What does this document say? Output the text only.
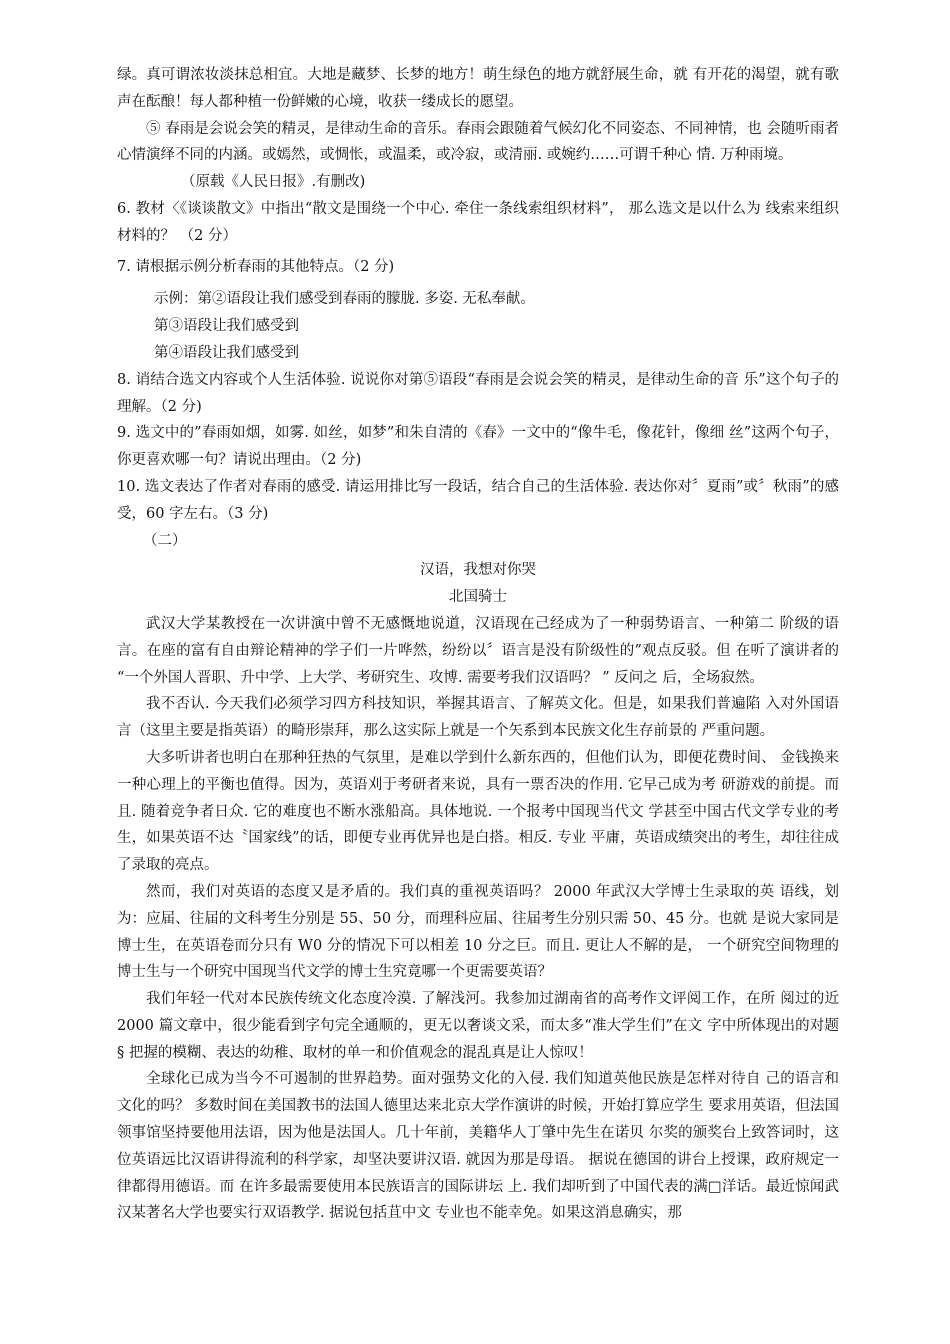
绿。真可谓浓妆淡抹总相宜。大地是藏梦、长梦的地方！萌生绿色的地方就舒展生命，就 有开花的渴望，就有歌声在酝酿！每人都种植一份鲜嫩的心境，收获一缕成长的愿望。

⑤ 春雨是会说会笑的精灵，是律动生命的音乐。春雨会跟随着气候幻化不同姿态、不同神情，也 会随听雨者心情演绎不同的内涵。或嫣然，或惆怅，或温柔，或冷寂，或清丽. 或婉约……可谓千种心 情. 万种雨境。

（原载《人民日报》.有删改)

6. 教材〈《谈谈散文》中指出“散文是围绕一个中心. 牵住一条线索组织材料”， 那么选文是以什么为 线索来组织材料的？ （2 分）

7. 请根据示例分析春雨的其他特点。（2 分)

示例：第②语段让我们感受到春雨的朦胧. 多姿. 无私奉献。

第③语段让我们感受到

第④语段让我们感受到

8. 诮结合选文内容或个人生活体验. 说说你对第⑤语段“春雨是会说会笑的精灵，是律动生命的音 乐”这个句子的理解。（2 分)

9. 选文中的”春雨如烟，如雾. 如丝，如梦”和朱自清的《春》一文中的“像牛毛，像花针，像细 丝”这两个句子，你更喜欢哪一句？请说出理由。（2 分)

10. 选文表达了作者对春雨的感受. 请运用排比写一段话，结合自己的生活体验. 表达你对〞夏雨”或〞秋雨”的感受，60 字左右。（3 分)

（二）

汉语，我想对你哭

北国骑士

武汉大学某教授在一次讲演中曾不无感慨地说道，汉语现在己经成为了一种弱势语言、一种第二 阶级的语言。在座的富有自由辩论精神的学子们一片哗然，纷纷以〞语言是没有阶级性的”观点反驳。但 在听了演讲者的 “一个外国人晋职、升中学、上大学、考研究生、攻博. 需要考我们汉语吗？ ” 反问之 后，全场寂然。

我不否认. 今天我们必须学习四方科技知识，举握其语言、了解英文化。但是，如果我们普遍陷 入对外国语言（这里主要是指英语）的畸形崇拜，那么这实际上就是一个矢系到本民族文化生存前景的 严重问题。

大多听讲者也明白在那种狂热的气氛里，是难以学到什么新东西的，但他们认为，即便花费时间、 金钱换来一种心理上的平衡也值得。因为，英语刈于考研者来说，具有一票否决的作用. 它早己成为考 研游戏的前提。而且. 随着竞争者日众. 它的难度也不断水涨船高。具体地说. 一个报考中国现当代文 学甚至中国古代文学专业的考生，如果英语不达〝国家线”的话，即便专业再优异也是白搭。相反. 专业 平庸，英语成绩突出的考生，却往往成了录取的亮点。

然而，我们对英语的态度又是矛盾的。我们真的重视英语吗？ 2000 年武汉大学博士生录取的英 语线，划为：应届、往届的文科考生分别是 55、50 分，而理科应届、往届考生分别只需 50、45 分。也就 是说大家同是博士生，在英语卷而分只有 W0 分的情况下可以相差 10 分之巨。而且. 更让人不解的是， 一个研究空间物理的博士生与一个研究中国现当代文学的博士生究竟哪一个更需要英语？

我们年轻一代对本民族传统文化态度冷漠. 了解浅河。我参加过湖南省的高考作文评阅工作，在所 阅过的近 2000 篇文章中，很少能看到字句完全通顺的，更无以奢谈文采，而太多“准大学生们”在文 字中所体现出的对题 § 把握的模糊、表达的幼稚、取材的单一和价值观念的混乱真是让人惊叹！

全球化已成为当今不可遏制的世界趋势。面对强势文化的入侵. 我们知道英他民族是怎样对待自 己的语言和文化的吗？ 多数时间在美国教书的法国人德里达来北京大学作演讲的时候，开始打算应学生 要求用英语，但法国领事馆坚持要他用法语，因为他是法国人。几十年前，美籍华人丁肇中先生在诺贝 尔奖的颁奖台上致答词时，这位英语远比汉语讲得流利的科学家，却坚决要讲汉语. 就因为那是母语。 据说在德国的讲台上授课，政府规定一律都得用德语。而 在许多最需要使用本民族语言的国际讲坛 上. 我们却听到了中国代表的满□洋话。最近惊闻武汉某著名大学也要实行双语教学. 据说包括苴中文 专业也不能幸免。如果这消息确实，那
